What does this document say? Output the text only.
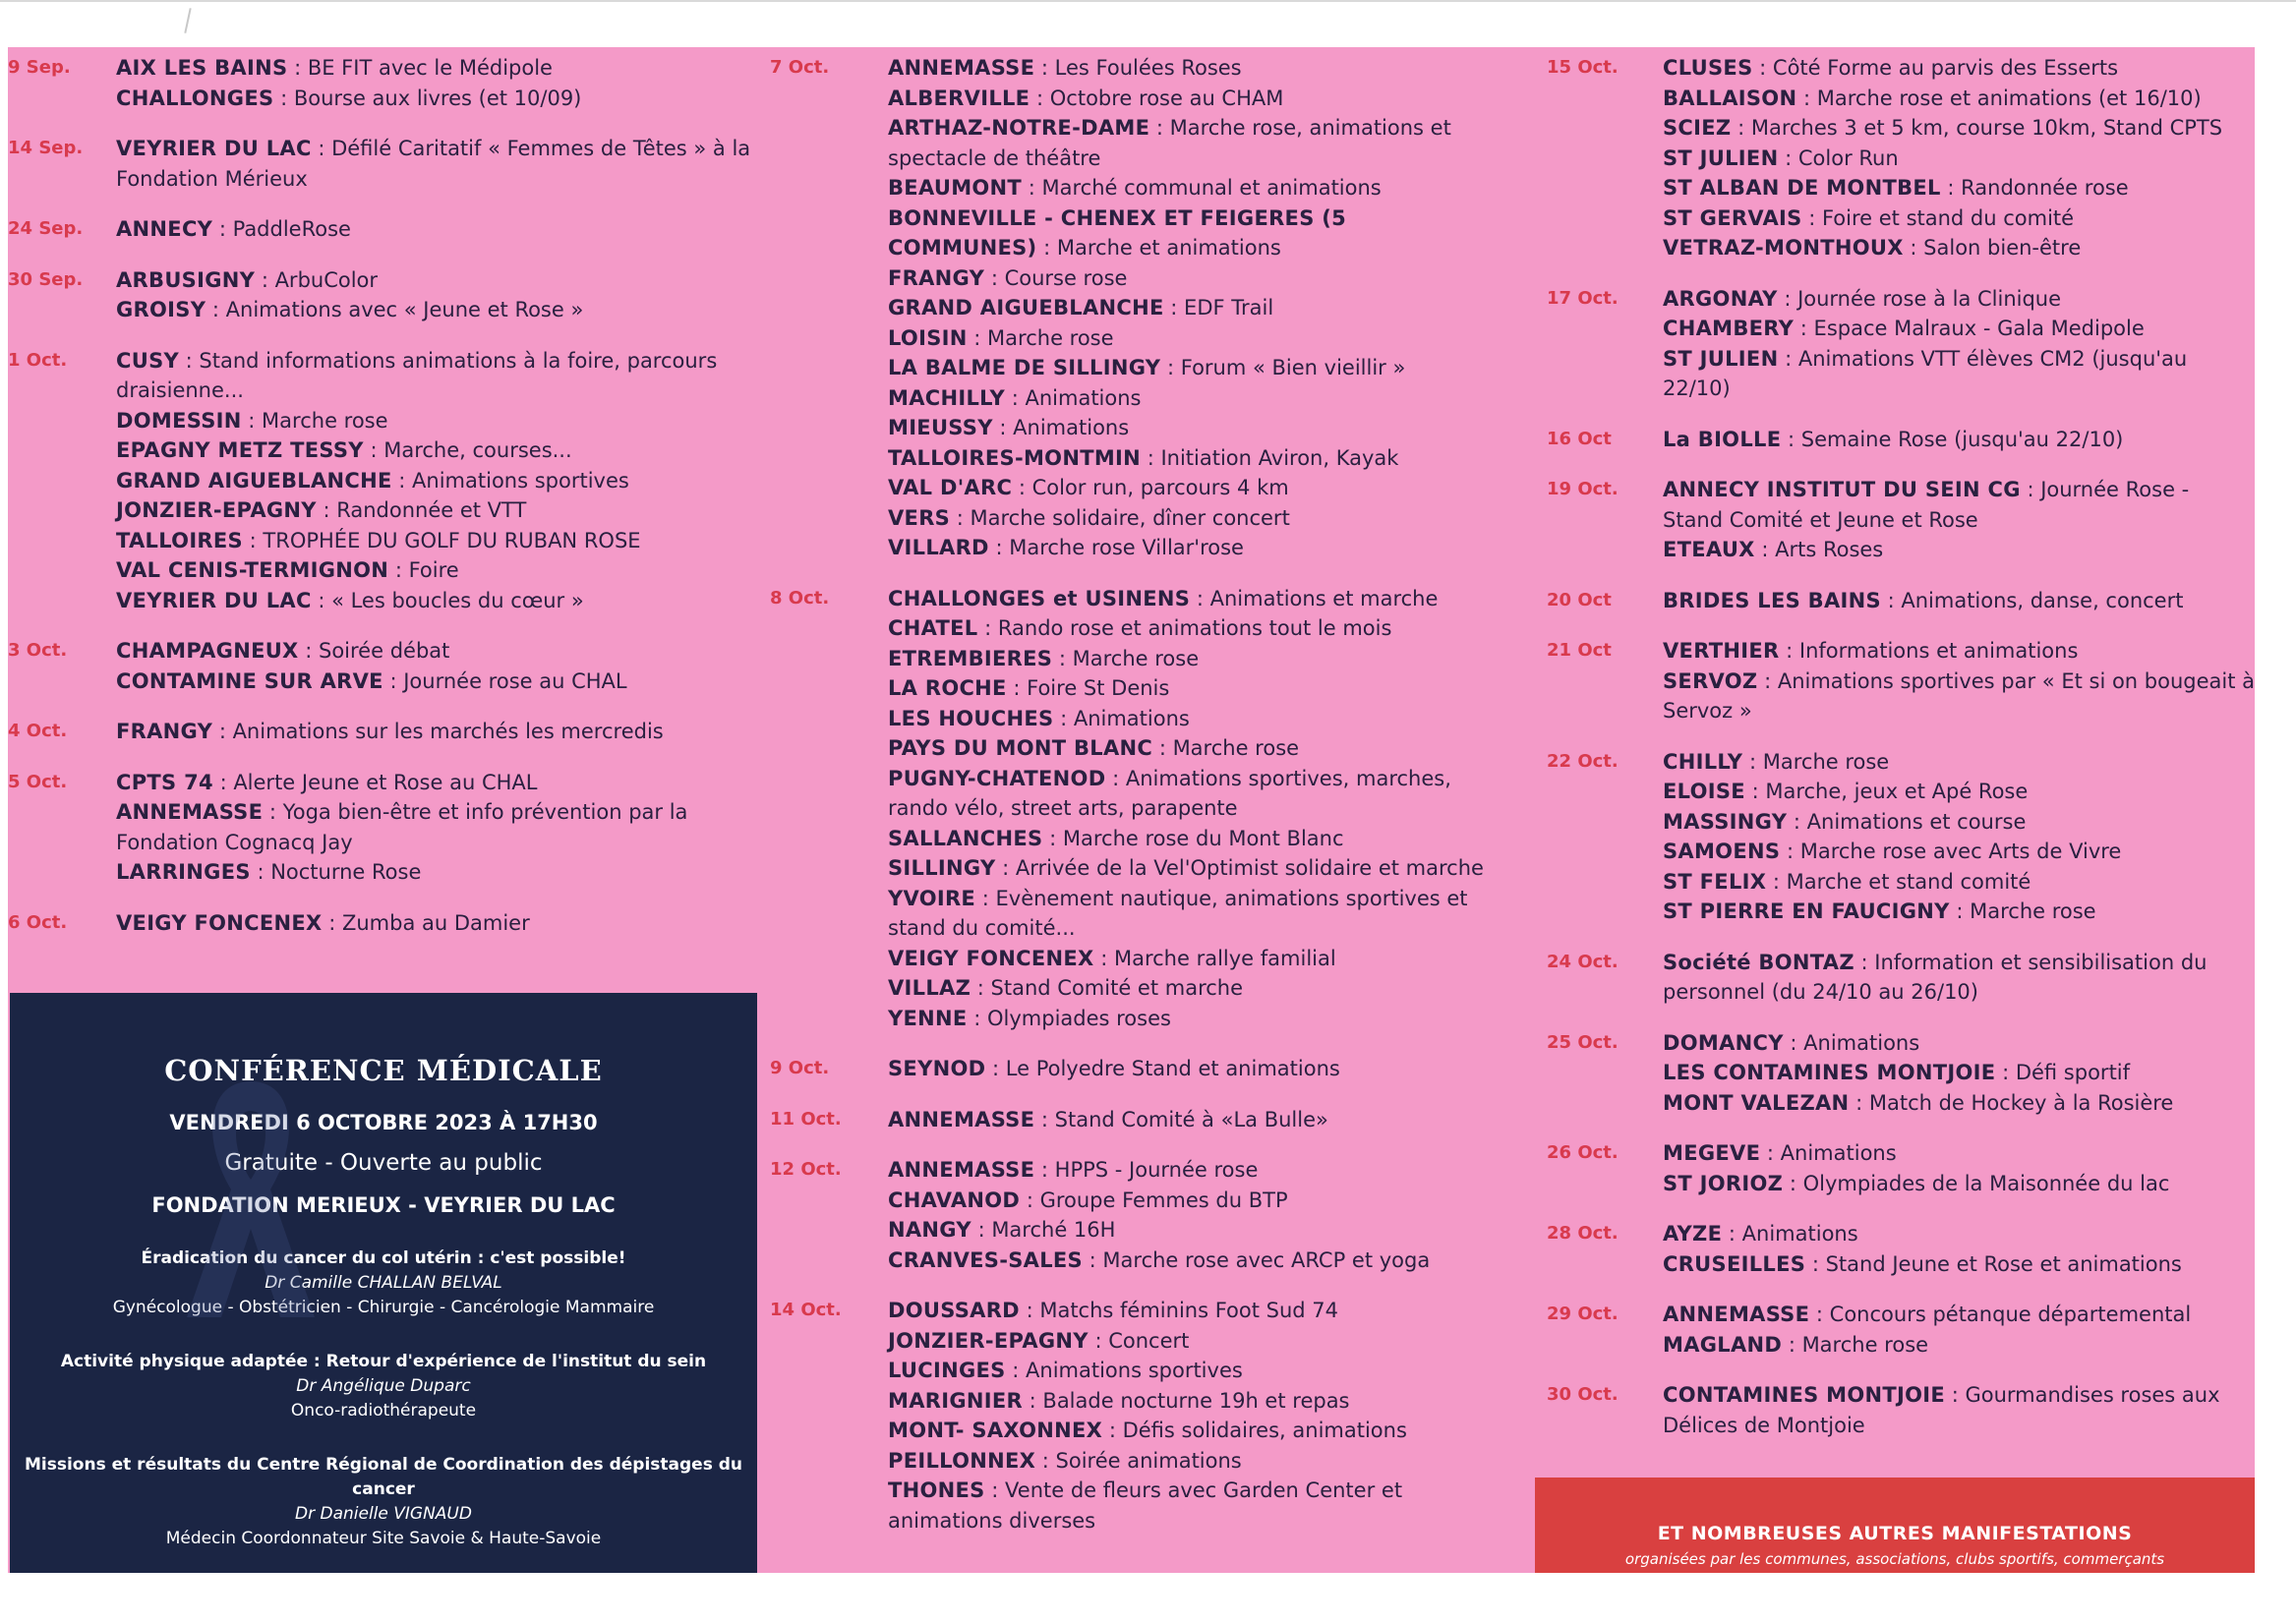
9 Sep.	AIX LES BAINS : BE FIT avec le Médipole
CHALLONGES : Bourse aux livres (et 10/09)
14 Sep.	VEYRIER DU LAC : Défilé Caritatif « Femmes de Têtes » à la Fondation Mérieux
24 Sep.	ANNECY : PaddleRose
30 Sep.	ARBUSIGNY : ArbuColor
GROISY : Animations avec « Jeune et Rose »
1 Oct.	CUSY : Stand informations animations à la foire, parcours draisienne...
DOMESSIN : Marche rose
EPAGNY METZ TESSY : Marche, courses...
GRAND AIGUEBLANCHE : Animations sportives
JONZIER-EPAGNY : Randonnée et VTT
TALLOIRES : TROPHÉE DU GOLF DU RUBAN ROSE
VAL CENIS-TERMIGNON : Foire
VEYRIER DU LAC : « Les boucles du cœur »
3 Oct.	CHAMPAGNEUX : Soirée débat
CONTAMINE SUR ARVE : Journée rose au CHAL
4 Oct.	FRANGY : Animations sur les marchés les mercredis
5 Oct.	CPTS 74 : Alerte Jeune et Rose au CHAL
ANNEMASSE : Yoga bien-être et info prévention par la Fondation Cognacq Jay
LARRINGES : Nocturne Rose
6 Oct.	VEIGY FONCENEX : Zumba au Damier
7 Oct.	ANNEMASSE : Les Foulées Roses
ALBERVILLE : Octobre rose au CHAM
ARTHAZ-NOTRE-DAME : Marche rose, animations et spectacle de théâtre
BEAUMONT : Marché communal et animations
BONNEVILLE - CHENEX ET FEIGERES (5 COMMUNES) : Marche et animations
FRANGY : Course rose
GRAND AIGUEBLANCHE : EDF Trail
LOISIN : Marche rose
LA BALME DE SILLINGY : Forum « Bien vieillir »
MACHILLY : Animations
MIEUSSY : Animations
TALLOIRES-MONTMIN : Initiation Aviron, Kayak
VAL D'ARC : Color run, parcours 4 km
VERS : Marche solidaire, dîner concert
VILLARD : Marche rose Villar'rose
8 Oct.	CHALLONGES et USINENS : Animations et marche
CHATEL : Rando rose et animations tout le mois
ETREMBIERES : Marche rose
LA ROCHE : Foire St Denis
LES HOUCHES : Animations
PAYS DU MONT BLANC : Marche rose
PUGNY-CHATENOD : Animations sportives, marches, rando vélo, street arts, parapente
SALLANCHES : Marche rose du Mont Blanc
SILLINGY : Arrivée de la Vel'Optimist solidaire et marche
YVOIRE : Evènement nautique, animations sportives et stand du comité...
VEIGY FONCENEX : Marche rallye familial
VILLAZ : Stand Comité et marche
YENNE : Olympiades roses
9 Oct.	SEYNOD : Le Polyedre Stand et animations
11 Oct.	ANNEMASSE : Stand Comité à «La Bulle»
12 Oct.	ANNEMASSE : HPPS - Journée rose
CHAVANOD : Groupe Femmes du BTP
NANGY : Marché 16H
CRANVES-SALES : Marche rose avec ARCP et yoga
14 Oct.	DOUSSARD : Matchs féminins Foot Sud 74
JONZIER-EPAGNY : Concert
LUCINGES : Animations sportives
MARIGNIER : Balade nocturne 19h et repas
MONT- SAXONNEX : Défis solidaires, animations
PEILLONNEX : Soirée animations
THONES : Vente de fleurs avec Garden Center et animations diverses
15 Oct.	CLUSES : Côté Forme au parvis des Esserts
BALLAISON : Marche rose et animations (et 16/10)
SCIEZ : Marches 3 et 5 km, course 10km, Stand CPTS
ST JULIEN : Color Run
ST ALBAN DE MONTBEL : Randonnée rose
ST GERVAIS : Foire et stand du comité
VETRAZ-MONTHOUX : Salon bien-être
17 Oct.	ARGONAY : Journée rose à la Clinique
CHAMBERY : Espace Malraux - Gala Medipole
ST JULIEN : Animations VTT élèves CM2 (jusqu'au 22/10)
16 Oct	La BIOLLE : Semaine Rose (jusqu'au 22/10)
19 Oct.	ANNECY INSTITUT DU SEIN CG : Journée Rose - Stand Comité et Jeune et Rose
ETEAUX : Arts Roses
20 Oct	BRIDES LES BAINS : Animations, danse, concert
21 Oct	VERTHIER : Informations et animations
SERVOZ : Animations sportives par « Et si on bougeait à Servoz »
22 Oct.	CHILLY : Marche rose
ELOISE : Marche, jeux et Apé Rose
MASSINGY : Animations et course
SAMOENS : Marche rose avec Arts de Vivre
ST FELIX : Marche et stand comité
ST PIERRE EN FAUCIGNY : Marche rose
24 Oct.	Société BONTAZ : Information et sensibilisation du personnel (du 24/10 au 26/10)
25 Oct.	DOMANCY : Animations
LES CONTAMINES MONTJOIE : Défi sportif
MONT VALEZAN : Match de Hockey à la Rosière
26 Oct.	MEGEVE : Animations
ST JORIOZ : Olympiades de la Maisonnée du lac
28 Oct.	AYZE : Animations
CRUSEILLES : Stand Jeune et Rose et animations
29 Oct.	ANNEMASSE : Concours pétanque départemental
MAGLAND : Marche rose
30 Oct.	CONTAMINES MONTJOIE : Gourmandises roses aux Délices de Montjoie
CONFÉRENCE MÉDICALE
VENDREDI 6 OCTOBRE 2023 À 17H30
Gratuite - Ouverte au public
FONDATION MERIEUX - VEYRIER DU LAC
Éradication du cancer du col utérin : c'est possible!
Dr Camille CHALLAN BELVAL
Gynécologue - Obstétricien - Chirurgie - Cancérologie Mammaire
Activité physique adaptée : Retour d'expérience de l'institut du sein
Dr Angélique Duparc
Onco-radiothérapeute
Missions et résultats du Centre Régional de Coordination des dépistages du cancer
Dr Danielle VIGNAUD
Médecin Coordonnateur Site Savoie & Haute-Savoie	ET NOMBREUSES AUTRES MANIFESTATIONS
organisées par les communes, associations, clubs sportifs, commerçants
